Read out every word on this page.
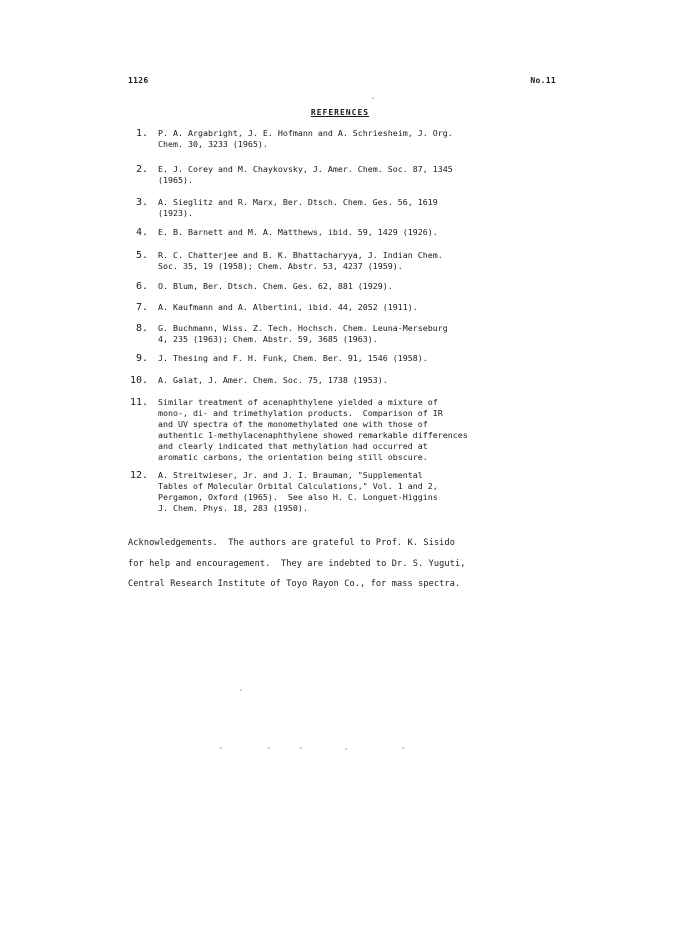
1126	No.11
REFERENCES
1. P. A. Argabright, J. E. Hofmann and A. Schriesheim, J. Org.
Chem. 30, 3233 (1965).
2. E. J. Corey and M. Chaykovsky, J. Amer. Chem. Soc. 87, 1345
(1965).
3. A. Sieglitz and R. Marx, Ber. Dtsch. Chem. Ges. 56, 1619
(1923).
4. E. B. Barnett and M. A. Matthews, ibid. 59, 1429 (1926).
5. R. C. Chatterjee and B. K. Bhattacharyya, J. Indian Chem.
Soc. 35, 19 (1958); Chem. Abstr. 53, 4237 (1959).
6. O. Blum, Ber. Dtsch. Chem. Ges. 62, 881 (1929).
7. A. Kaufmann and A. Albertini, ibid. 44, 2052 (1911).
8. G. Buchmann, Wiss. Z. Tech. Hochsch. Chem. Leuna-Merseburg
4, 235 (1963); Chem. Abstr. 59, 3685 (1963).
9. J. Thesing and F. H. Funk, Chem. Ber. 91, 1546 (1958).
10. A. Galat, J. Amer. Chem. Soc. 75, 1738 (1953).
11. Similar treatment of acenaphthylene yielded a mixture of
mono-, di- and trimethylation products.  Comparison of IR
and UV spectra of the monomethylated one with those of
authentic 1-methylacenaphthylene showed remarkable differences
and clearly indicated that methylation had occurred at
aromatic carbons, the orientation being still obscure.
12. A. Streitwieser, Jr. and J. I. Brauman, "Supplemental
Tables of Molecular Orbital Calculations," Vol. 1 and 2,
Pergamon, Oxford (1965).  See also H. C. Longuet-Higgins
J. Chem. Phys. 18, 283 (1950).
Acknowledgements.  The authors are grateful to Prof. K. Sisido
for help and encouragement.  They are indebted to Dr. S. Yuguti,
Central Research Institute of Toyo Rayon Co., for mass spectra.
